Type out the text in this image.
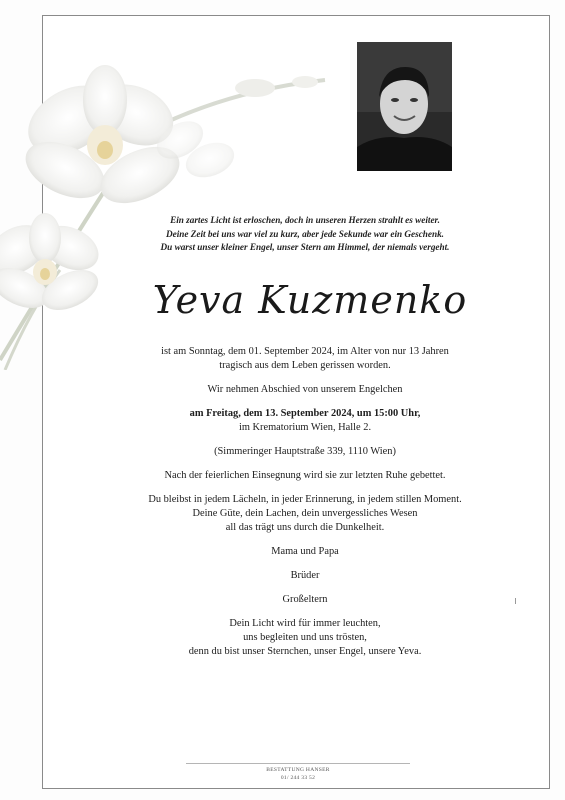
Ein zartes Licht ist erloschen, doch in unseren Herzen strahlt es weiter.
Deine Zeit bei uns war viel zu kurz, aber jede Sekunde war ein Geschenk.
Du warst unser kleiner Engel, unser Stern am Himmel, der niemals vergeht.
Yeva Kuzmenko
ist am Sonntag, dem 01. September 2024, im Alter von nur 13 Jahren
tragisch aus dem Leben gerissen worden.
Wir nehmen Abschied von unserem Engelchen
am Freitag, dem 13. September 2024, um 15:00 Uhr,
im Krematorium Wien, Halle 2.
(Simmeringer Hauptstraße 339, 1110 Wien)
Nach der feierlichen Einsegnung wird sie zur letzten Ruhe gebettet.
Du bleibst in jedem Lächeln, in jeder Erinnerung, in jedem stillen Moment.
Deine Güte, dein Lachen, dein unvergessliches Wesen
all das trägt uns durch die Dunkelheit.
Mama und Papa
Brüder
Großeltern
Dein Licht wird für immer leuchten,
uns begleiten und uns trösten,
denn du bist unser Sternchen, unser Engel, unsere Yeva.
BESTATTUNG HANSER
01/ 244 33 52
